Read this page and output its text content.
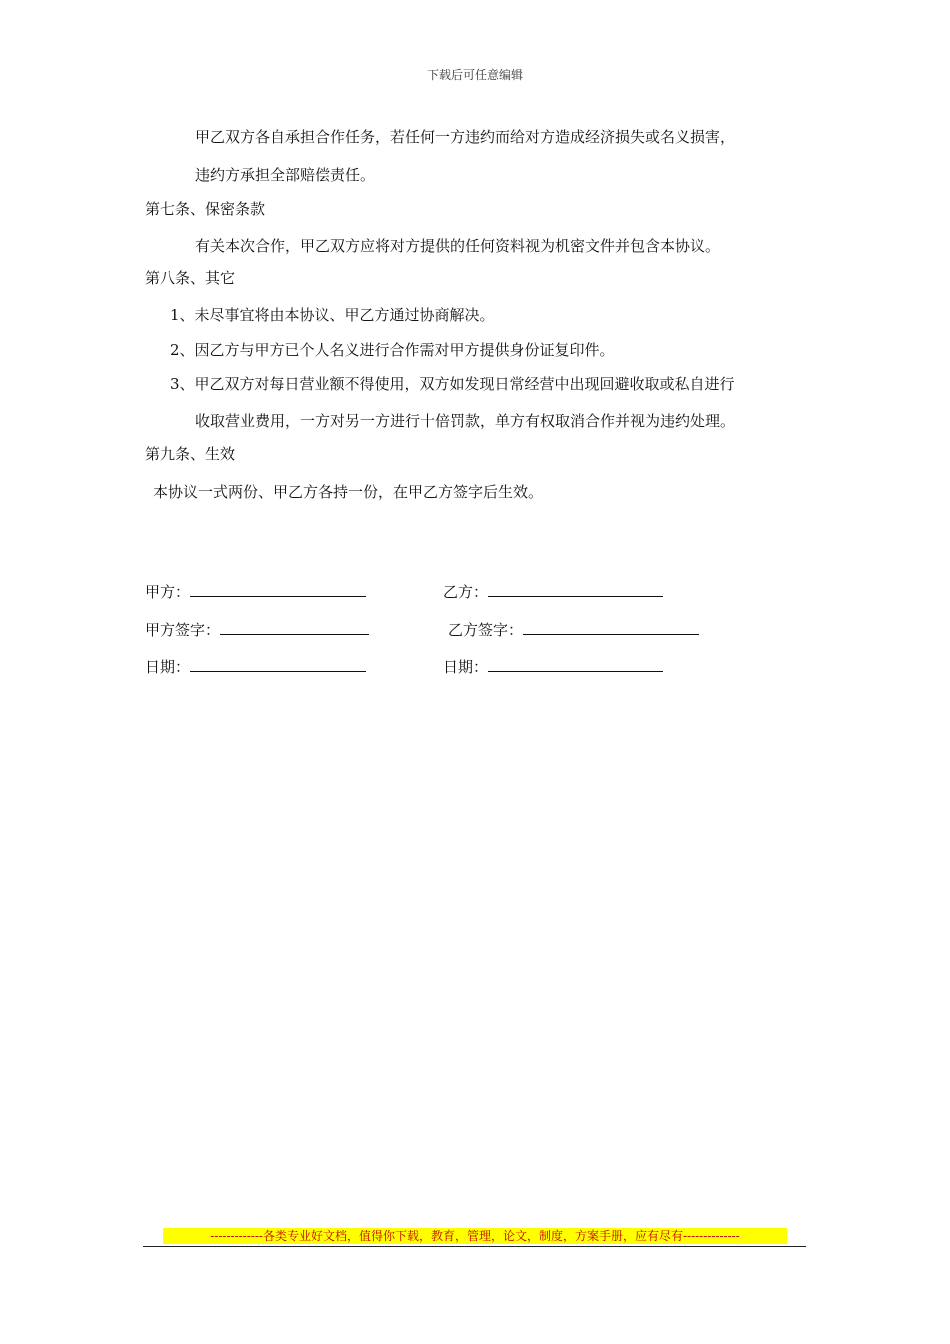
下载后可任意编辑
甲乙双方各自承担合作任务，若任何一方违约而给对方造成经济损失或名义损害，
违约方承担全部赔偿责任。
第七条、保密条款
有关本次合作，甲乙双方应将对方提供的任何资料视为机密文件并包含本协议。
第八条、其它
1、未尽事宜将由本协议、甲乙方通过协商解决。
2、因乙方与甲方已个人名义进行合作需对甲方提供身份证复印件。
3、甲乙双方对每日营业额不得使用，双方如发现日常经营中出现回避收取或私自进行
收取营业费用，一方对另一方进行十倍罚款，单方有权取消合作并视为违约处理。
第九条、生效
本协议一式两份、甲乙方各持一份，在甲乙方签字后生效。
甲方：	乙方：
甲方签字：	乙方签字：
日期：	日期：
-------------各类专业好文档，值得你下载，教育，管理，论文，制度，方案手册，应有尽有--------------
